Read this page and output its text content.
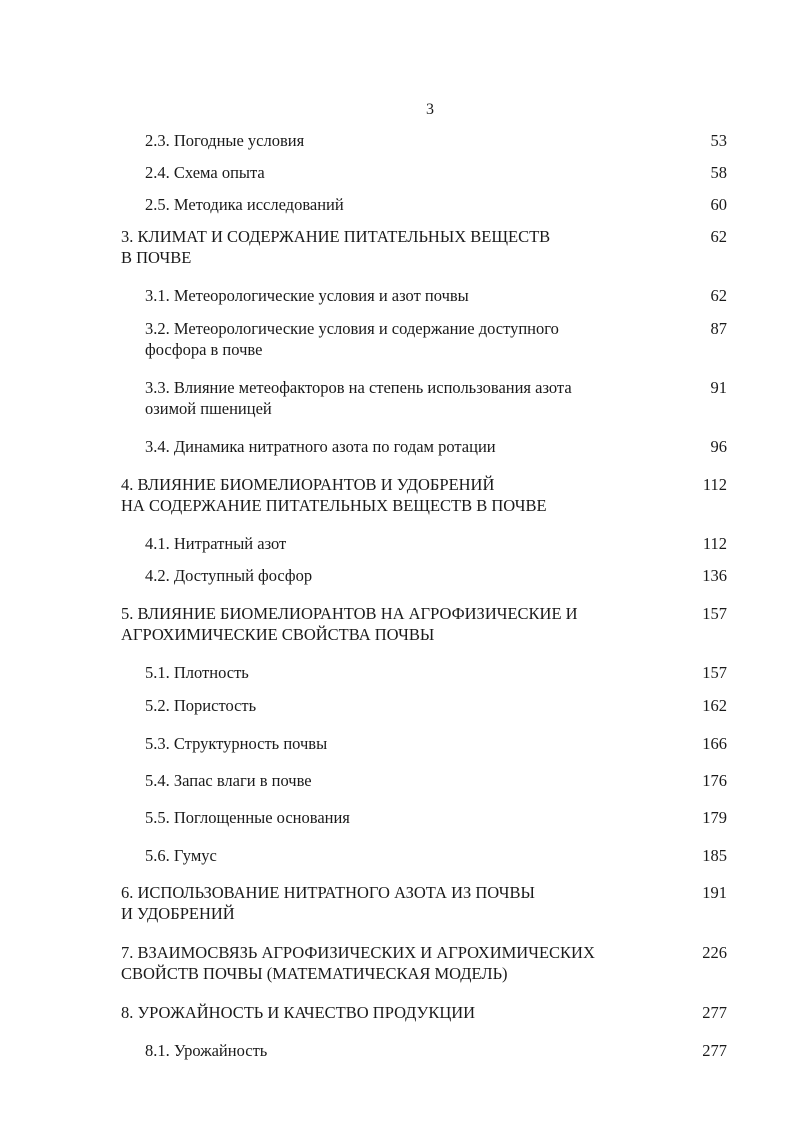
3
2.3. Погодные условия	53
2.4. Схема опыта	58
2.5. Методика исследований	60
3. КЛИМАТ И СОДЕРЖАНИЕ ПИТАТЕЛЬНЫХ ВЕЩЕСТВ
В ПОЧВЕ
62
3.1. Метеорологические условия и азот почвы	62
3.2. Метеорологические условия и содержание доступного
фосфора в почве
87
3.3. Влияние метеофакторов на степень использования азота
озимой пшеницей
91
3.4. Динамика нитратного азота по годам ротации	96
4. ВЛИЯНИЕ БИОМЕЛИОРАНТОВ И УДОБРЕНИЙ
НА СОДЕРЖАНИЕ ПИТАТЕЛЬНЫХ ВЕЩЕСТВ В ПОЧВЕ
112
4.1. Нитратный азот	112
4.2. Доступный фосфор	136
5. ВЛИЯНИЕ БИОМЕЛИОРАНТОВ НА АГРОФИЗИЧЕСКИЕ И
АГРОХИМИЧЕСКИЕ СВОЙСТВА ПОЧВЫ
157
5.1. Плотность	157
5.2. Пористость	162
5.3. Структурность почвы	166
5.4. Запас влаги в почве	176
5.5. Поглощенные основания	179
5.6. Гумус	185
6. ИСПОЛЬЗОВАНИЕ НИТРАТНОГО АЗОТА ИЗ ПОЧВЫ
И УДОБРЕНИЙ
191
7. ВЗАИМОСВЯЗЬ АГРОФИЗИЧЕСКИХ И АГРОХИМИЧЕСКИХ
СВОЙСТВ ПОЧВЫ (МАТЕМАТИЧЕСКАЯ МОДЕЛЬ)
226
8. УРОЖАЙНОСТЬ И КАЧЕСТВО ПРОДУКЦИИ	277
8.1. Урожайность	277
